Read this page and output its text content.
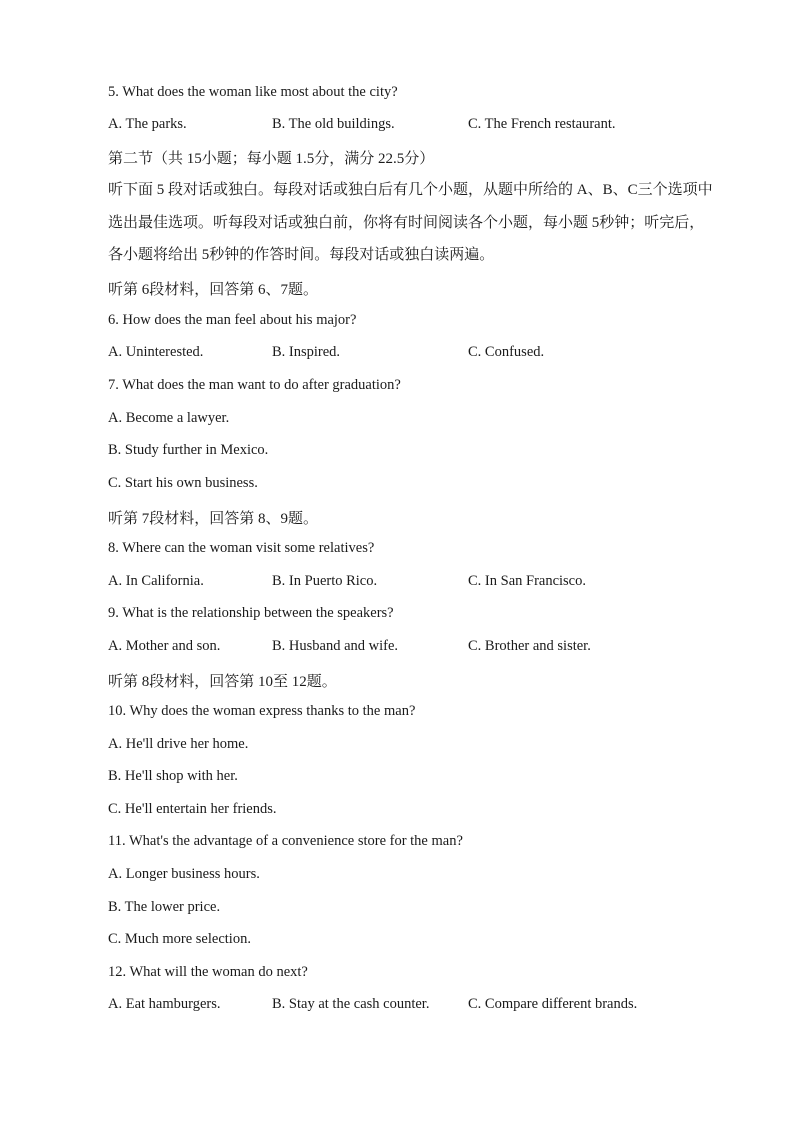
5. What does the woman like most about the city?
A. The parks.	B. The old buildings.	C. The French restaurant.
第二节（共 15小题；每小题 1.5分，满分 22.5分）
听下面 5 段对话或独白。每段对话或独白后有几个小题，从题中所给的 A、B、C三个选项中选出最佳选项。听每段对话或独白前，你将有时间阅读各个小题，每小题 5秒钟；听完后，各小题将给出 5秒钟的作答时间。每段对话或独白读两遍。
听第 6段材料，回答第 6、7题。
6. How does the man feel about his major?
A. Uninterested.	B. Inspired.	C. Confused.
7. What does the man want to do after graduation?
A. Become a lawyer.
B. Study further in Mexico.
C. Start his own business.
听第 7段材料，回答第 8、9题。
8. Where can the woman visit some relatives?
A. In California.	B. In Puerto Rico.	C. In San Francisco.
9. What is the relationship between the speakers?
A. Mother and son.	B. Husband and wife.	C. Brother and sister.
听第 8段材料，回答第 10至 12题。
10. Why does the woman express thanks to the man?
A. He'll drive her home.
B. He'll shop with her.
C. He'll entertain her friends.
11. What's the advantage of a convenience store for the man?
A. Longer business hours.
B. The lower price.
C. Much more selection.
12. What will the woman do next?
A. Eat hamburgers.	B. Stay at the cash counter.	C. Compare different brands.
